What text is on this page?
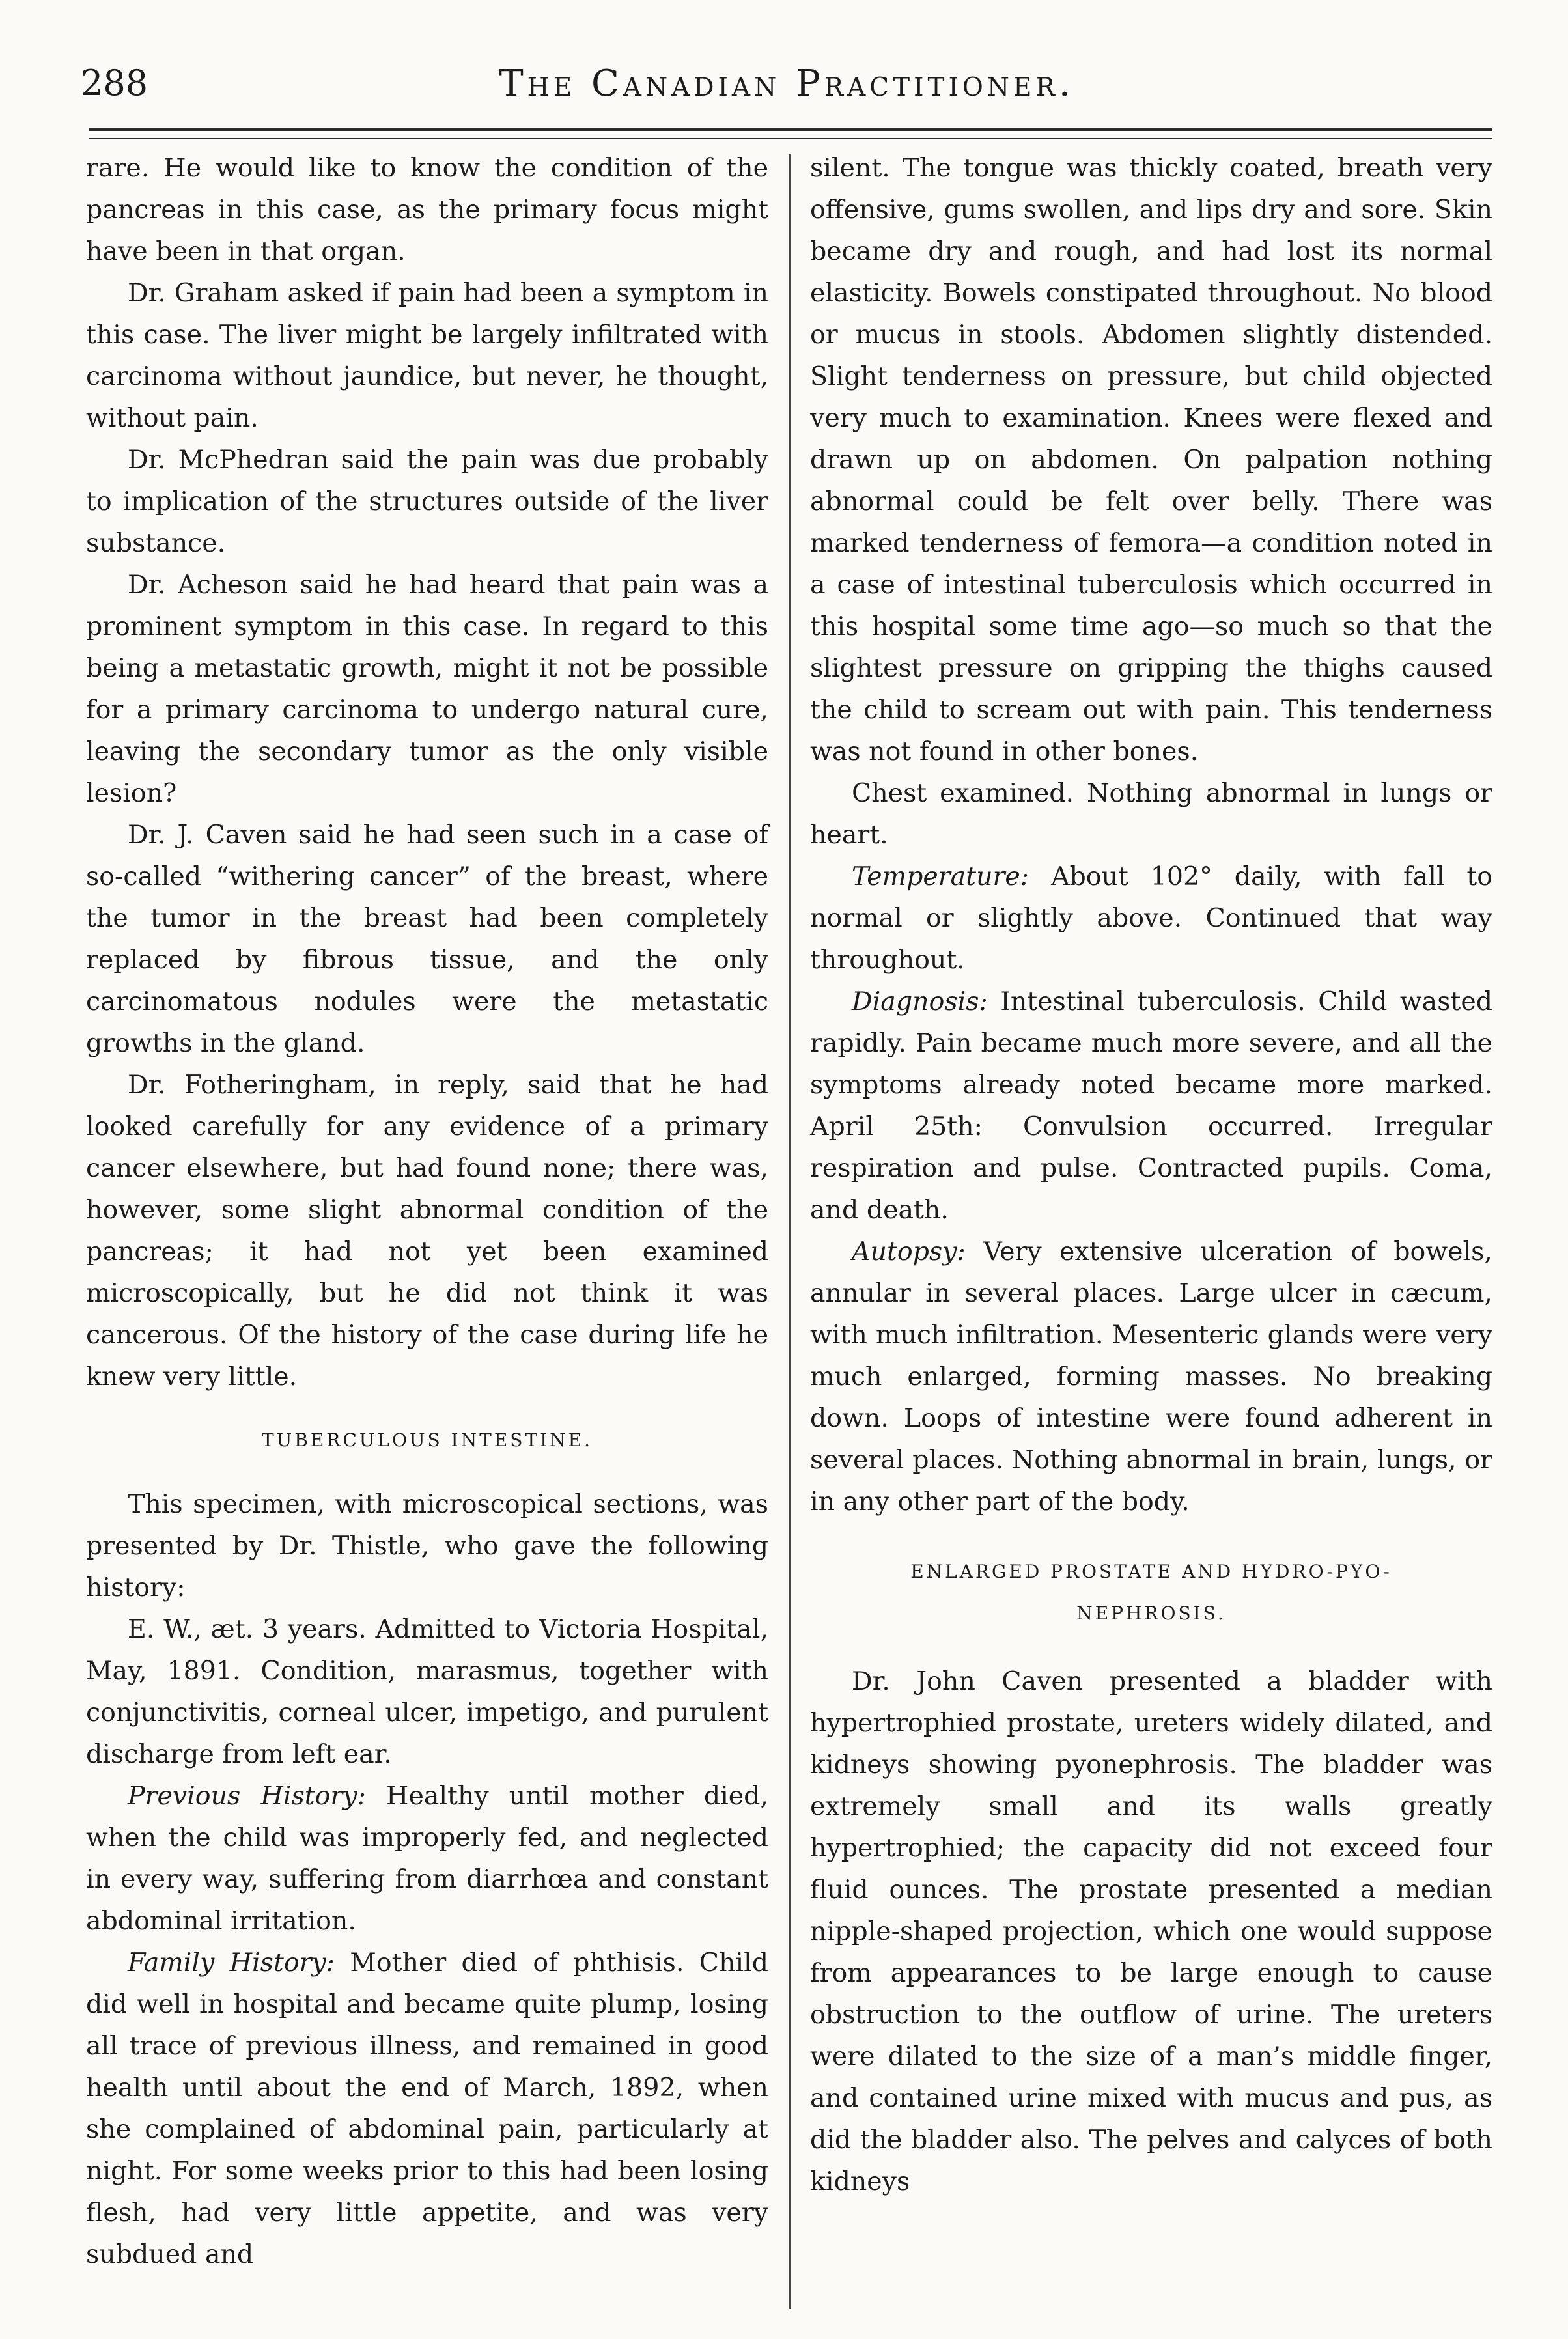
288	The Canadian Practitioner.

rare. He would like to know the condition of the pancreas in this case, as the primary focus might have been in that organ.

Dr. Graham asked if pain had been a symptom in this case. The liver might be largely infiltrated with carcinoma without jaundice, but never, he thought, without pain.

Dr. McPhedran said the pain was due probably to implication of the structures outside of the liver substance.

Dr. Acheson said he had heard that pain was a prominent symptom in this case. In regard to this being a metastatic growth, might it not be possible for a primary carcinoma to undergo natural cure, leaving the secondary tumor as the only visible lesion?

Dr. J. Caven said he had seen such in a case of so-called “withering cancer” of the breast, where the tumor in the breast had been completely replaced by fibrous tissue, and the only carcinomatous nodules were the metastatic growths in the gland.

Dr. Fotheringham, in reply, said that he had looked carefully for any evidence of a primary cancer elsewhere, but had found none; there was, however, some slight abnormal condition of the pancreas; it had not yet been examined microscopically, but he did not think it was cancerous. Of the history of the case during life he knew very little.

TUBERCULOUS INTESTINE.

This specimen, with microscopical sections, was presented by Dr. Thistle, who gave the following history:

E. W., æt. 3 years. Admitted to Victoria Hospital, May, 1891. Condition, marasmus, together with conjunctivitis, corneal ulcer, impetigo, and purulent discharge from left ear.

Previous History: Healthy until mother died, when the child was improperly fed, and neglected in every way, suffering from diarrhœa and constant abdominal irritation.

Family History: Mother died of phthisis. Child did well in hospital and became quite plump, losing all trace of previous illness, and remained in good health until about the end of March, 1892, when she complained of abdominal pain, particularly at night. For some weeks prior to this had been losing flesh, had very little appetite, and was very subdued and

silent. The tongue was thickly coated, breath very offensive, gums swollen, and lips dry and sore. Skin became dry and rough, and had lost its normal elasticity. Bowels constipated throughout. No blood or mucus in stools. Abdomen slightly distended. Slight tenderness on pressure, but child objected very much to examination. Knees were flexed and drawn up on abdomen. On palpation nothing abnormal could be felt over belly. There was marked tenderness of femora—a condition noted in a case of intestinal tuberculosis which occurred in this hospital some time ago—so much so that the slightest pressure on gripping the thighs caused the child to scream out with pain. This tenderness was not found in other bones.

Chest examined. Nothing abnormal in lungs or heart.

Temperature: About 102° daily, with fall to normal or slightly above. Continued that way throughout.

Diagnosis: Intestinal tuberculosis. Child wasted rapidly. Pain became much more severe, and all the symptoms already noted became more marked. April 25th: Convulsion occurred. Irregular respiration and pulse. Contracted pupils. Coma, and death.

Autopsy: Very extensive ulceration of bowels, annular in several places. Large ulcer in cæcum, with much infiltration. Mesenteric glands were very much enlarged, forming masses. No breaking down. Loops of intestine were found adherent in several places. Nothing abnormal in brain, lungs, or in any other part of the body.

ENLARGED PROSTATE AND HYDRO-PYO-
NEPHROSIS.

Dr. John Caven presented a bladder with hypertrophied prostate, ureters widely dilated, and kidneys showing pyonephrosis. The bladder was extremely small and its walls greatly hypertrophied; the capacity did not exceed four fluid ounces. The prostate presented a median nipple-shaped projection, which one would suppose from appearances to be large enough to cause obstruction to the outflow of urine. The ureters were dilated to the size of a man’s middle finger, and contained urine mixed with mucus and pus, as did the bladder also. The pelves and calyces of both kidneys
